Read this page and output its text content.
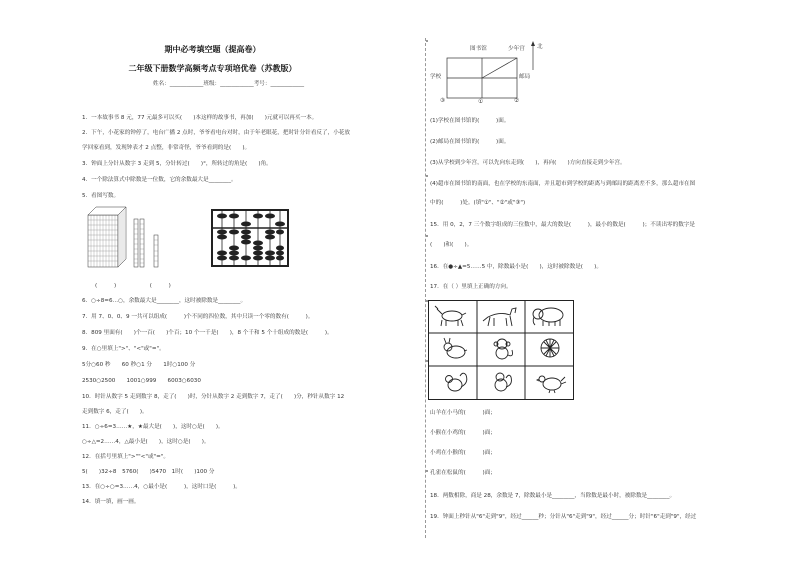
期中必考填空题（提高卷）
二年级下册数学高频考点专项培优卷（苏教版）
姓名：____________班级：____________考号：____________
1．一本故事书 8 元，77 元最多可以买(　　)本这样的故事书，再加(　　)元就可以再买一本。
2．下午，小花家的钟停了，电台广播 2 点时，爷爷看电台对时，由于年老眼花，把时针分针看反了，小花放
学回家看到，发现钟表才 2 点整，非常奇怪，爷爷看到的是(　　)。
3．钟面上分针从数字 3 走到 5，分针转过(　　)°，所转过的角是(　　)角。
4．一个除法算式中除数是一位数，它的余数最大是________。
5．看图写数。
(　　　)　　　　　　(　　　)
6．○÷8=6…○，余数最大是________，这时被除数是________。
7．用 7、0、0、9 一共可以组成(　　　)个不同的四位数，其中只读一个零的数有(　　　)。
8．809 里面有(　　)个一百(　　)个百；10 个一千是(　　)，8 个千和 5 个十组成的数是(　　　)。
9．在○里填上">"、"<"或"="。
5分○60 秒　　60 秒○1 分　　1时○100 分
2530○2500　　1001○999　　6003○6030
10．时针从数字 5 走到数字 8，走了(　　)时，分针从数字 2 走到数字 7，走了(　　)分，秒针从数字 12
走到数字 6，走了(　　)。
11．○÷6=3……★，★最大是(　　)，这时○是(　　)。
○÷△=2……4，△最小是(　　)，这时○是(　　)。
12．在括号里填上">""<"或"="。
5(　　)32÷8　5760(　　)5470　1时(　　)100 分
13．在○÷○=3……4，○最小是(　　　)，这时口是(　　　)。
14．填一填，画一画。
图书馆	少年宫 北
学校	邮局
③	①	②
(1)学校在图书馆的(　　　)面。
(2)邮局在图书馆的(　　　)面。
(3)从学校到少年宫，可以先向东走到(　　)，再向(　　)方向直接走到少年宫。
(4)超市在图书馆的南面，也在学校的东南面，并且超市到学校的距离与到邮局的距离差不多，那么超市在图
中的(　　　)处。(填"①"、"②"或"③")
15．用 0，2，7 三个数字组成的三位数中，最大的数是(　　　)，最小的数是(　　　)；不读出零的数字是
(　　)和(　　)。
16．在●÷▲=5……5 中，除数最小是(　　)，这时被除数是(　　)。
17．在（ ）里填上正确的方向。
山羊在小马的(　　　)面；
小猴在小鸡的(　　　)面；
小鸡在小猴的(　　　)面；
孔雀在松鼠的(　　　)面；
18．两数相除，商是 28，余数是 7，除数最小是________，当除数是最小时，被除数是________。
19．钟面上秒针从"6"走到"9"，经过______秒；分针从"6"走到"9"，经过______分；时针"6"走到"9"，经过
